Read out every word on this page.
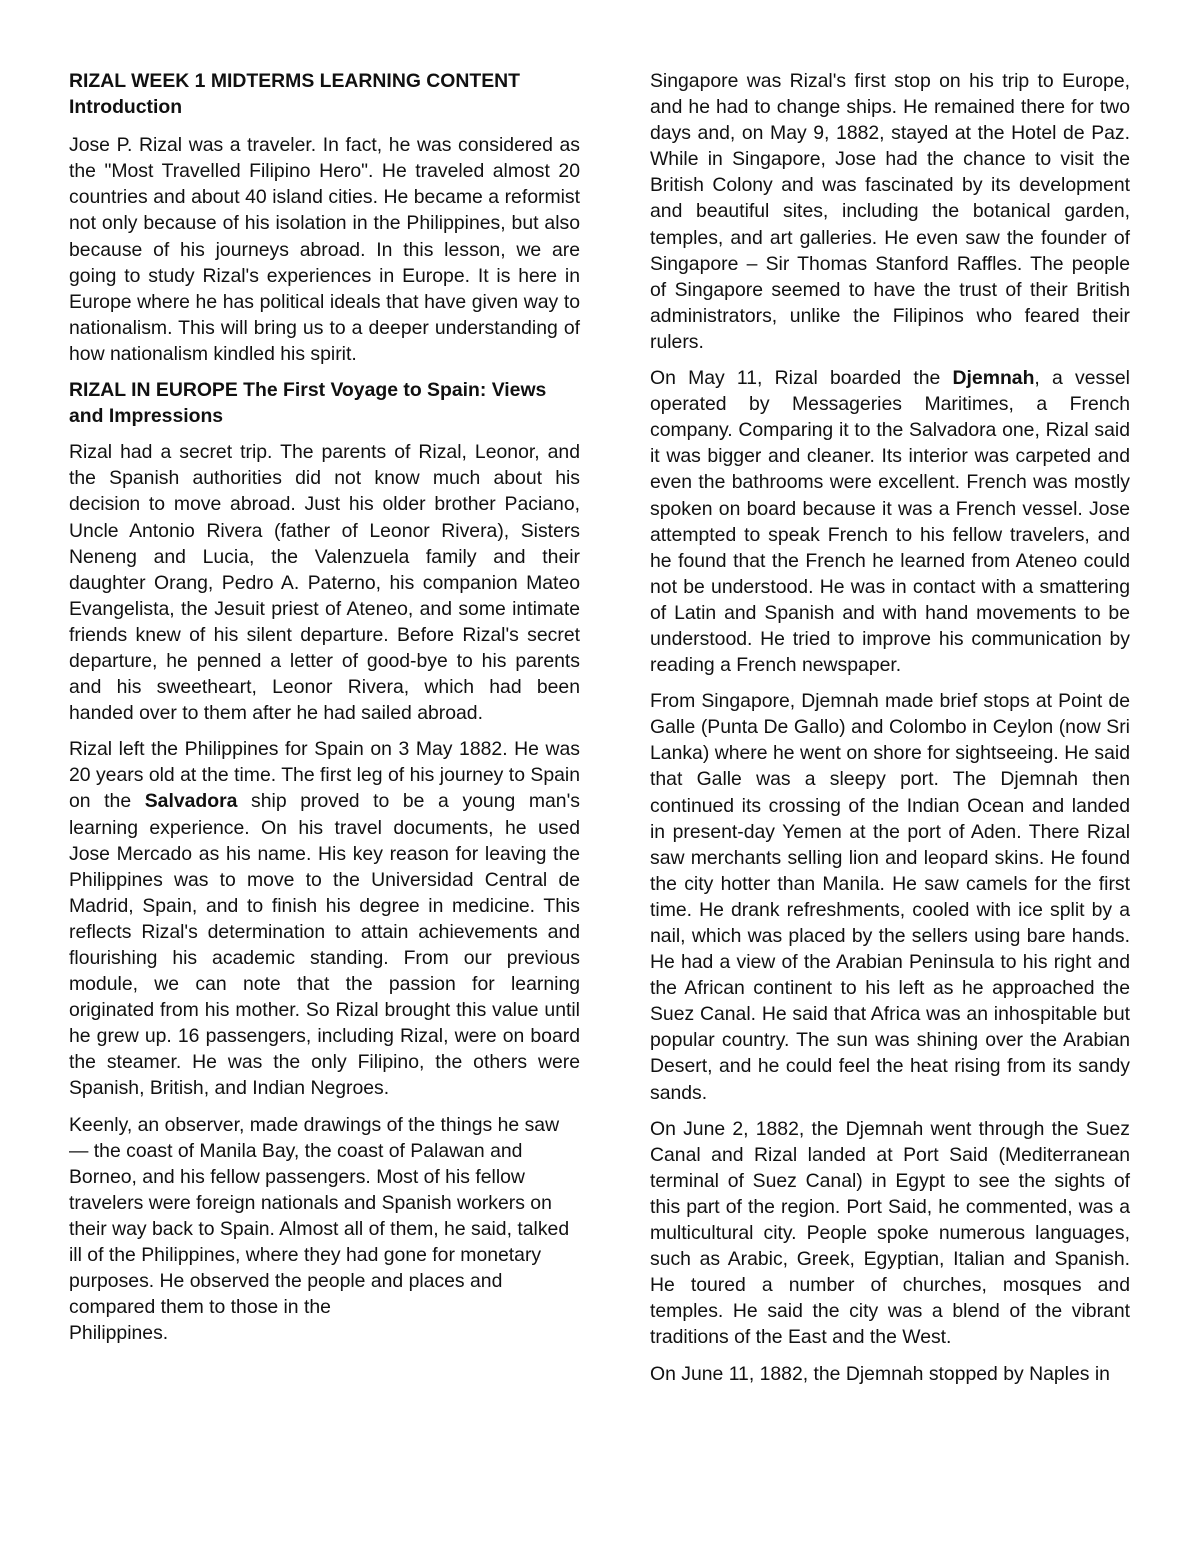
RIZAL WEEK 1 MIDTERMS LEARNING CONTENT
Introduction

Jose P. Rizal was a traveler. In fact, he was considered as the "Most Travelled Filipino Hero". He traveled almost 20 countries and about 40 island cities. He became a reformist not only because of his isolation in the Philippines, but also because of his journeys abroad. In this lesson, we are going to study Rizal's experiences in Europe. It is here in Europe where he has political ideals that have given way to nationalism. This will bring us to a deeper understanding of how nationalism kindled his spirit.

RIZAL IN EUROPE The First Voyage to Spain: Views and Impressions

Rizal had a secret trip. The parents of Rizal, Leonor, and the Spanish authorities did not know much about his decision to move abroad. Just his older brother Paciano, Uncle Antonio Rivera (father of Leonor Rivera), Sisters Neneng and Lucia, the Valenzuela family and their daughter Orang, Pedro A. Paterno, his companion Mateo Evangelista, the Jesuit priest of Ateneo, and some intimate friends knew of his silent departure. Before Rizal's secret departure, he penned a letter of good-bye to his parents and his sweetheart, Leonor Rivera, which had been handed over to them after he had sailed abroad.

Rizal left the Philippines for Spain on 3 May 1882. He was 20 years old at the time. The first leg of his journey to Spain on the Salvadora ship proved to be a young man's learning experience. On his travel documents, he used Jose Mercado as his name. His key reason for leaving the Philippines was to move to the Universidad Central de Madrid, Spain, and to finish his degree in medicine. This reflects Rizal's determination to attain achievements and flourishing his academic standing. From our previous module, we can note that the passion for learning originated from his mother. So Rizal brought this value until he grew up. 16 passengers, including Rizal, were on board the steamer. He was the only Filipino, the others were Spanish, British, and Indian Negroes.

Keenly, an observer, made drawings of the things he saw — the coast of Manila Bay, the coast of Palawan and Borneo, and his fellow passengers. Most of his fellow travelers were foreign nationals and Spanish workers on their way back to Spain. Almost all of them, he said, talked ill of the Philippines, where they had gone for monetary purposes. He observed the people and places and compared them to those in the

Philippines.

Singapore was Rizal's first stop on his trip to Europe, and he had to change ships. He remained there for two days and, on May 9, 1882, stayed at the Hotel de Paz. While in Singapore, Jose had the chance to visit the British Colony and was fascinated by its development and beautiful sites, including the botanical garden, temples, and art galleries. He even saw the founder of Singapore – Sir Thomas Stanford Raffles. The people of Singapore seemed to have the trust of their British administrators, unlike the Filipinos who feared their rulers.

On May 11, Rizal boarded the Djemnah, a vessel operated by Messageries Maritimes, a French company. Comparing it to the Salvadora one, Rizal said it was bigger and cleaner. Its interior was carpeted and even the bathrooms were excellent. French was mostly spoken on board because it was a French vessel. Jose attempted to speak French to his fellow travelers, and he found that the French he learned from Ateneo could not be understood. He was in contact with a smattering of Latin and Spanish and with hand movements to be understood. He tried to improve his communication by reading a French newspaper.

From Singapore, Djemnah made brief stops at Point de Galle (Punta De Gallo) and Colombo in Ceylon (now Sri Lanka) where he went on shore for sightseeing. He said that Galle was a sleepy port. The Djemnah then continued its crossing of the Indian Ocean and landed in present-day Yemen at the port of Aden. There Rizal saw merchants selling lion and leopard skins. He found the city hotter than Manila. He saw camels for the first time. He drank refreshments, cooled with ice split by a nail, which was placed by the sellers using bare hands. He had a view of the Arabian Peninsula to his right and the African continent to his left as he approached the Suez Canal. He said that Africa was an inhospitable but popular country. The sun was shining over the Arabian Desert, and he could feel the heat rising from its sandy sands.

On June 2, 1882, the Djemnah went through the Suez Canal and Rizal landed at Port Said (Mediterranean terminal of Suez Canal) in Egypt to see the sights of this part of the region. Port Said, he commented, was a multicultural city. People spoke numerous languages, such as Arabic, Greek, Egyptian, Italian and Spanish. He toured a number of churches, mosques and temples. He said the city was a blend of the vibrant traditions of the East and the West.

On June 11, 1882, the Djemnah stopped by Naples in
